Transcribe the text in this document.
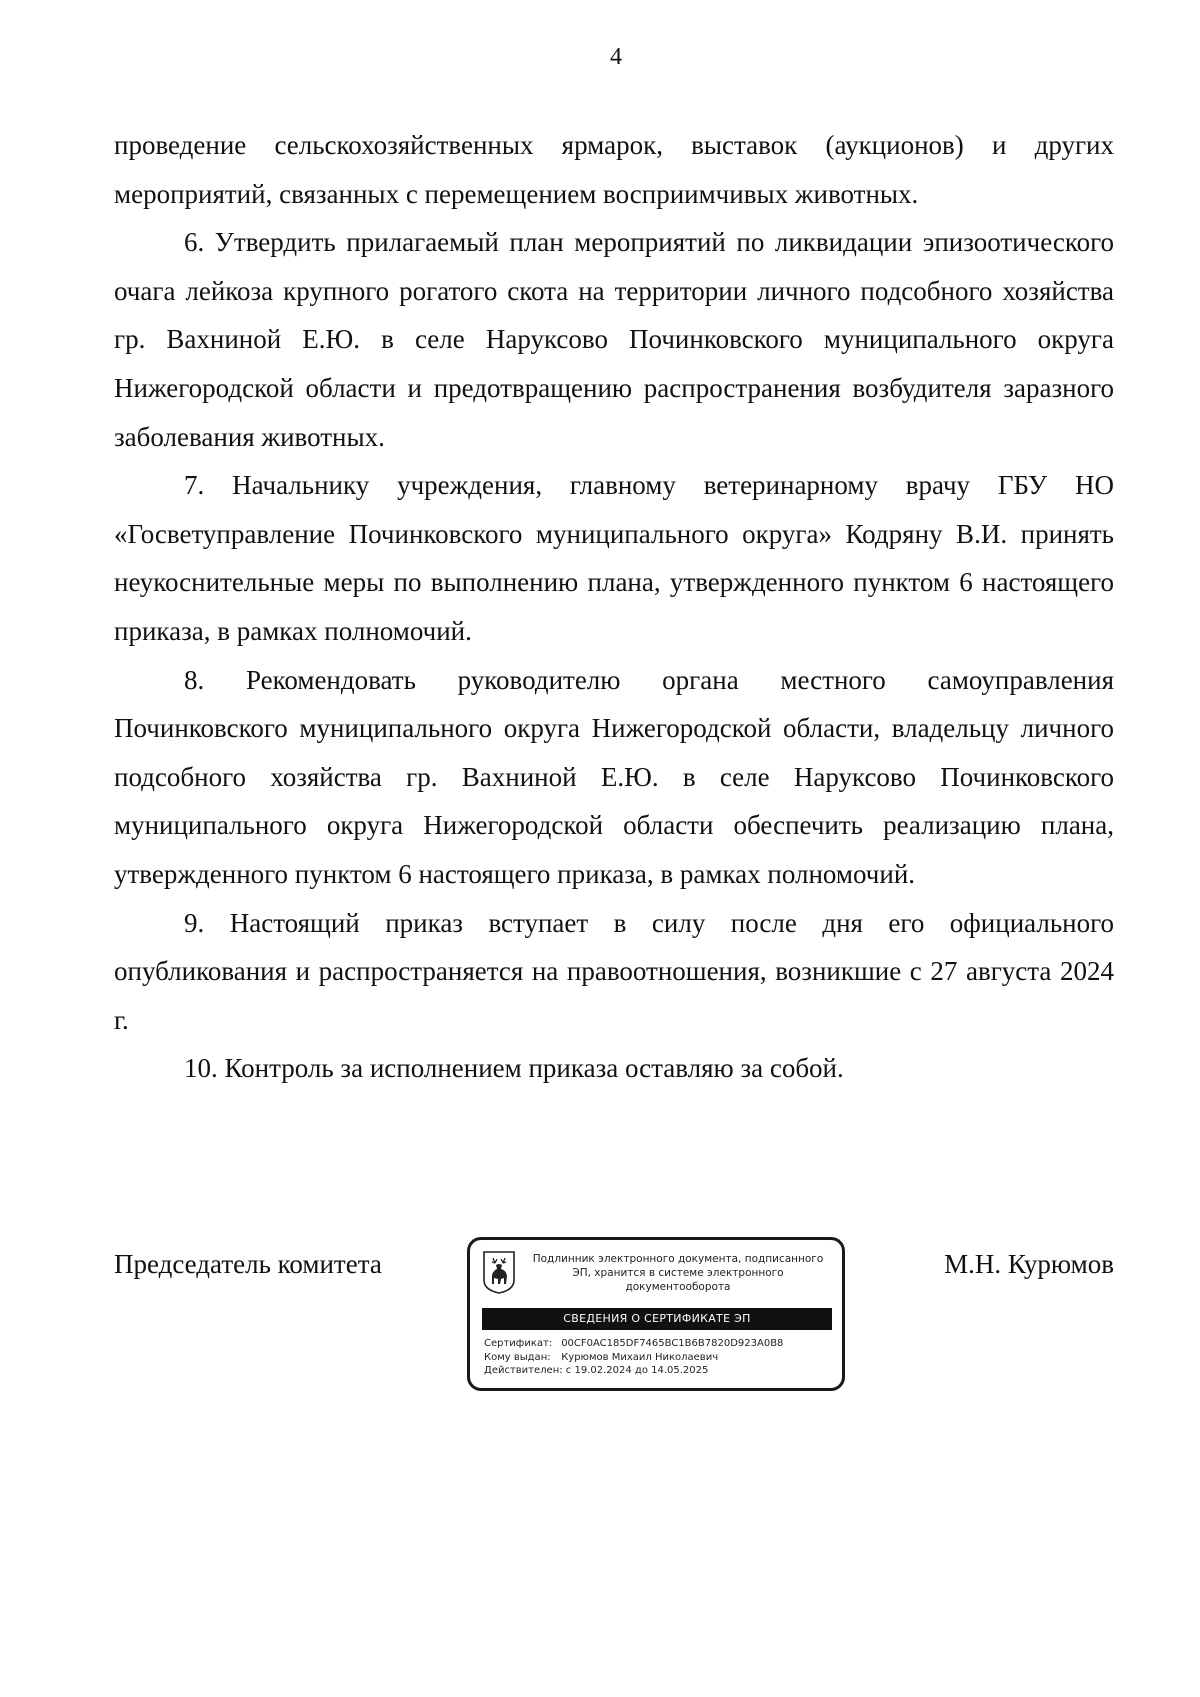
4

проведение сельскохозяйственных ярмарок, выставок (аукционов) и других мероприятий, связанных с перемещением восприимчивых животных.

6. Утвердить прилагаемый план мероприятий по ликвидации эпизоотического очага лейкоза крупного рогатого скота на территории личного подсобного хозяйства гр. Вахниной Е.Ю. в селе Наруксово Починковского муниципального округа Нижегородской области и предотвращению распространения возбудителя заразного заболевания животных.

7. Начальнику учреждения, главному ветеринарному врачу ГБУ НО «Госветуправление Починковского муниципального округа» Кодряну В.И. принять неукоснительные меры по выполнению плана, утвержденного пунктом 6 настоящего приказа, в рамках полномочий.

8. Рекомендовать руководителю органа местного самоуправления Починковского муниципального округа Нижегородской области, владельцу личного подсобного хозяйства гр. Вахниной Е.Ю. в селе Наруксово Починковского муниципального округа Нижегородской области обеспечить реализацию плана, утвержденного пунктом 6 настоящего приказа, в рамках полномочий.

9. Настоящий приказ вступает в силу после дня его официального опубликования и распространяется на правоотношения, возникшие с 27 августа 2024 г.

10. Контроль за исполнением приказа оставляю за собой.

Председатель комитета	Подлинник электронного документа, подписанного ЭП, хранится в системе электронного документооборота
СВЕДЕНИЯ О СЕРТИФИКАТЕ ЭП
Сертификат: 00CF0AC185DF7465BC1B6B7820D923A0B8
Кому выдан: Курюмов Михаил Николаевич
Действителен: с 19.02.2024 до 14.05.2025
М.Н. Курюмов
